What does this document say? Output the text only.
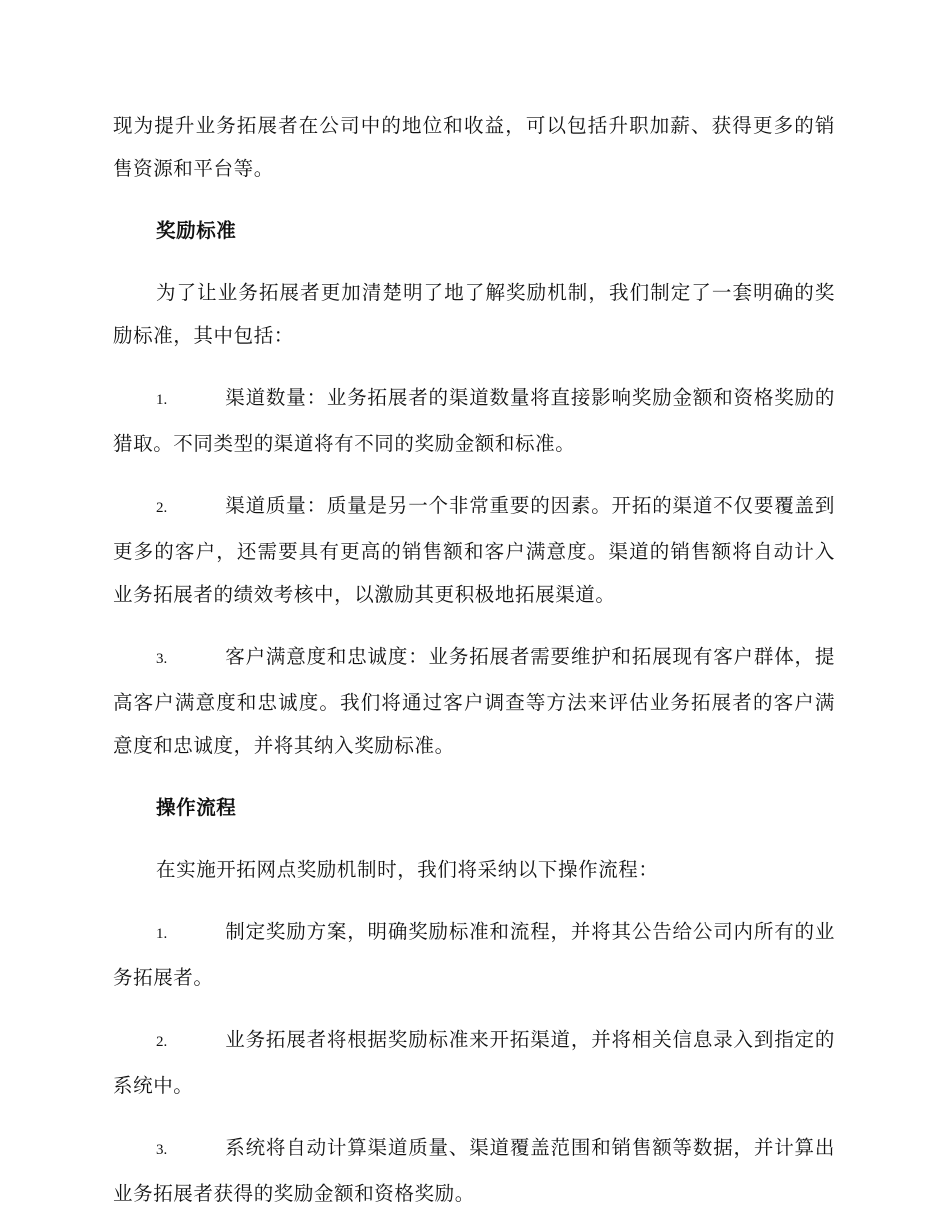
现为提升业务拓展者在公司中的地位和收益，可以包括升职加薪、获得更多的销售资源和平台等。

奖励标准

为了让业务拓展者更加清楚明了地了解奖励机制，我们制定了一套明确的奖励标准，其中包括：

1.	渠道数量：业务拓展者的渠道数量将直接影响奖励金额和资格奖励的猎取。不同类型的渠道将有不同的奖励金额和标准。

2.	渠道质量：质量是另一个非常重要的因素。开拓的渠道不仅要覆盖到更多的客户，还需要具有更高的销售额和客户满意度。渠道的销售额将自动计入业务拓展者的绩效考核中，以激励其更积极地拓展渠道。

3.	客户满意度和忠诚度：业务拓展者需要维护和拓展现有客户群体，提高客户满意度和忠诚度。我们将通过客户调查等方法来评估业务拓展者的客户满意度和忠诚度，并将其纳入奖励标准。

操作流程

在实施开拓网点奖励机制时，我们将采纳以下操作流程：

1.	制定奖励方案，明确奖励标准和流程，并将其公告给公司内所有的业务拓展者。

2.	业务拓展者将根据奖励标准来开拓渠道，并将相关信息录入到指定的系统中。

3.	系统将自动计算渠道质量、渠道覆盖范围和销售额等数据，并计算出业务拓展者获得的奖励金额和资格奖励。
